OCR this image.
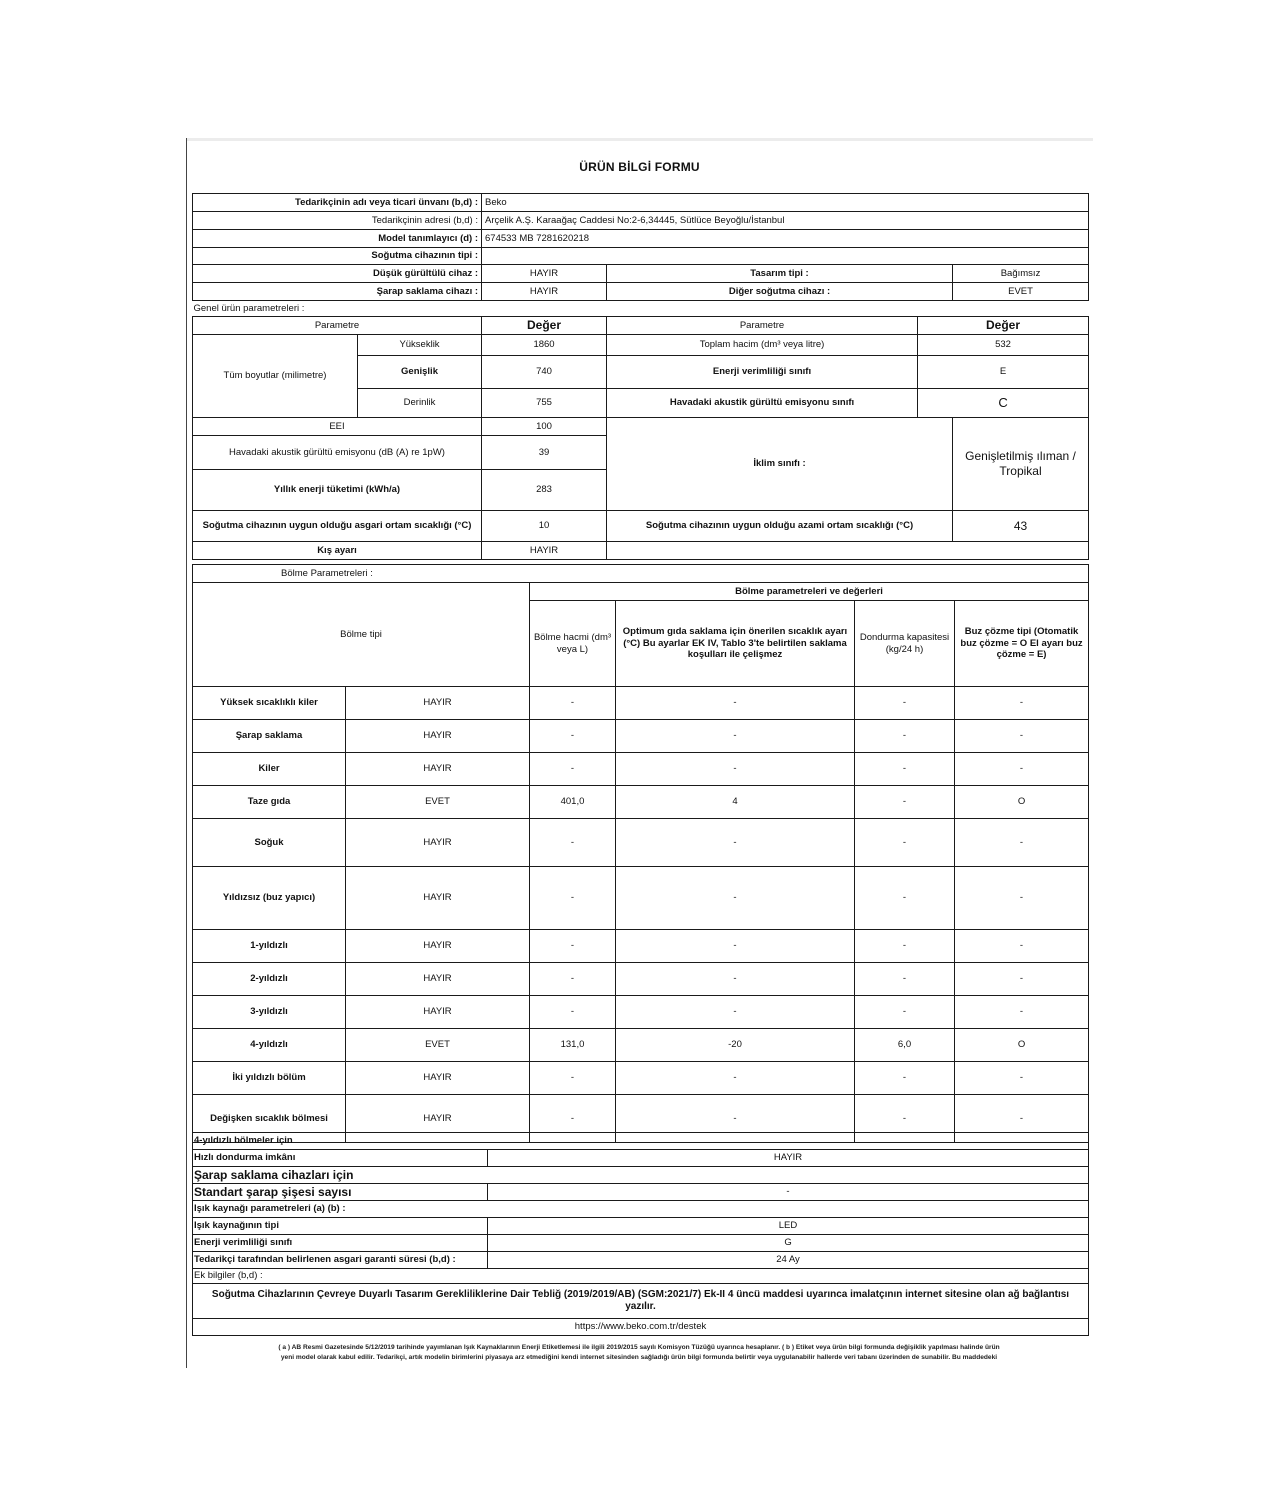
ÜRÜN BİLGİ FORMU
Tedarikçinin adı veya ticari ünvanı (b,d) :		Beko			
Tedarikçinin adresi (b,d) :		Arçelik A.Ş. Karaağaç Caddesi No:2-6,34445, Sütlüce Beyoğlu/İstanbul			
Model tanımlayıcı (d) :		674533 MB 7281620218			
Soğutma cihazının tipi :					
Düşük gürültülü cihaz :		HAYIR	Tasarım tipi :		Bağımsız
Şarap saklama cihazı :		HAYIR	Diğer soğutma cihazı :		EVET
Genel ürün parametreleri :					
Parametre		Değer	Parametre	Değer	
Tüm boyutlar (milimetre)	Yükseklik	1860	Toplam hacim (dm³ veya litre)	532	
	Genişlik	740	Enerji verimliliği sınıfı	E	
	Derinlik	755	Havadaki akustik gürültü emisyonu sınıfı	C	
EEI		100	İklim sınıfı :		Genişletilmiş ılıman / Tropikal
Havadaki akustik gürültü emisyonu (dB (A) re 1pW)		39			
Yıllık enerji tüketimi (kWh/a)		283			
Soğutma cihazının uygun olduğu asgari ortam sıcaklığı (°C)		10	Soğutma cihazının uygun olduğu azami ortam sıcaklığı (°C)		43
Kış ayarı		HAYIR			
Bölme Parametreleri :					
Bölme tipi		Bölme parametreleri ve değerleri			
		Bölme hacmi (dm³ veya L)	Optimum gıda saklama için önerilen sıcaklık ayarı (°C) Bu ayarlar EK IV, Tablo 3'te belirtilen saklama koşulları ile çelişmez	Dondurma kapasitesi (kg/24 h)	Buz çözme tipi (Otomatik buz çözme = O El ayarı buz çözme = E)
Yüksek sıcaklıklı kiler	HAYIR	-	-	-	-
Şarap saklama	HAYIR	-	-	-	-
Kiler	HAYIR	-	-	-	-
Taze gıda	EVET	401,0	4	-	O
Soğuk	HAYIR	-	-	-	-
Yıldızsız (buz yapıcı)	HAYIR	-	-	-	-
1-yıldızlı	HAYIR	-	-	-	-
2-yıldızlı	HAYIR	-	-	-	-
3-yıldızlı	HAYIR	-	-	-	-
4-yıldızlı	EVET	131,0	-20	6,0	O
İki yıldızlı bölüm	HAYIR	-	-	-	-
Değişken sıcaklık bölmesi	HAYIR	-	-	-	-
4-yıldızlı bölmeler için	
Hızlı dondurma imkânı	HAYIR
Şarap saklama cihazları için	
Standart şarap şişesi sayısı	-
Işık kaynağı parametreleri (a) (b) :	
Işık kaynağının tipi	LED
Enerji verimliliği sınıfı	G
Tedarikçi tarafından belirlenen asgari garanti süresi (b,d) :	24 Ay
Ek bilgiler (b,d) :	
Soğutma Cihazlarının Çevreye Duyarlı Tasarım Gerekliliklerine Dair Tebliğ (2019/2019/AB) (SGM:2021/7) Ek-II 4 üncü maddesi uyarınca imalatçının internet sitesine olan ağ bağlantısı yazılır.	
https://www.beko.com.tr/destek	
( a ) AB Resmi Gazetesinde 5/12/2019 tarihinde yayımlanan Işık Kaynaklarının Enerji Etiketlemesi ile ilgili 2019/2015 sayılı Komisyon Tüzüğü uyarınca hesaplanır. ( b ) Etiket veya ürün bilgi formunda değişiklik yapılması halinde ürün
yeni model olarak kabul edilir. Tedarikçi, artık modelin birimlerini piyasaya arz etmediğini kendi internet sitesinden sağladığı ürün bilgi formunda belirtir veya uygulanabilir hallerde veri tabanı üzerinden de sunabilir. Bu maddedeki
